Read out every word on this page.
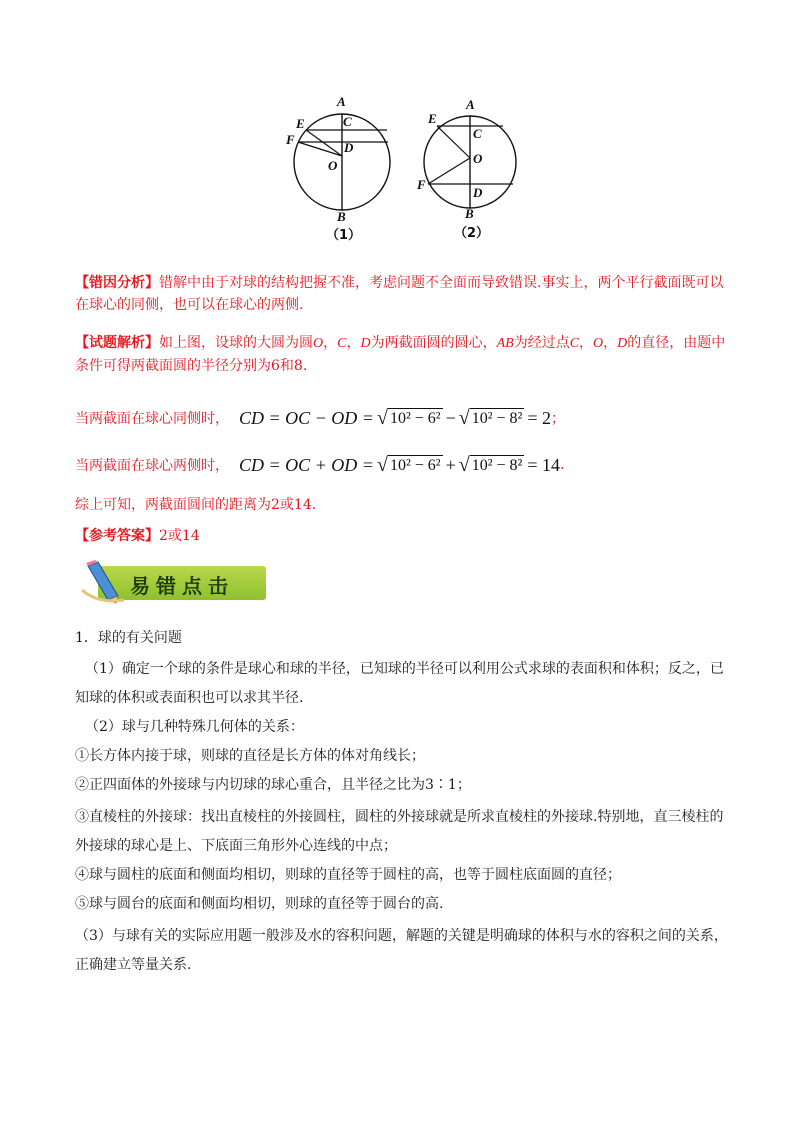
A
C
E
F
D
O
B
（1）
A
E
C
O
F
D
B
（2）
【错因分析】错解中由于对球的结构把握不准，考虑问题不全面而导致错误.事实上，两个平行截面既可以在球心的同侧，也可以在球心的两侧.
【试题解析】如上图，设球的大圆为圆O，C，D为两截面圆的圆心，AB为经过点C，O，D的直径，由题中条件可得两截面圆的半径分别为6和8.
当两截面在球心同侧时， CD = OC − OD = √ 10² − 6² − √ 10² − 8² = 2 ；
当两截面在球心两侧时， CD = OC + OD = √ 10² − 6² + √ 10² − 8² = 14 .
综上可知，两截面圆间的距离为2或14.
【参考答案】2或14
易错点击
1．球的有关问题
（1）确定一个球的条件是球心和球的半径，已知球的半径可以利用公式求球的表面积和体积；反之，已知球的体积或表面积也可以求其半径.
（2）球与几种特殊几何体的关系：
①长方体内接于球，则球的直径是长方体的体对角线长；
②正四面体的外接球与内切球的球心重合，且半径之比为3∶1；
③直棱柱的外接球：找出直棱柱的外接圆柱，圆柱的外接球就是所求直棱柱的外接球.特别地，直三棱柱的外接球的球心是上、下底面三角形外心连线的中点；
④球与圆柱的底面和侧面均相切，则球的直径等于圆柱的高，也等于圆柱底面圆的直径；
⑤球与圆台的底面和侧面均相切，则球的直径等于圆台的高.
（3）与球有关的实际应用题一般涉及水的容积问题，解题的关键是明确球的体积与水的容积之间的关系，正确建立等量关系.
